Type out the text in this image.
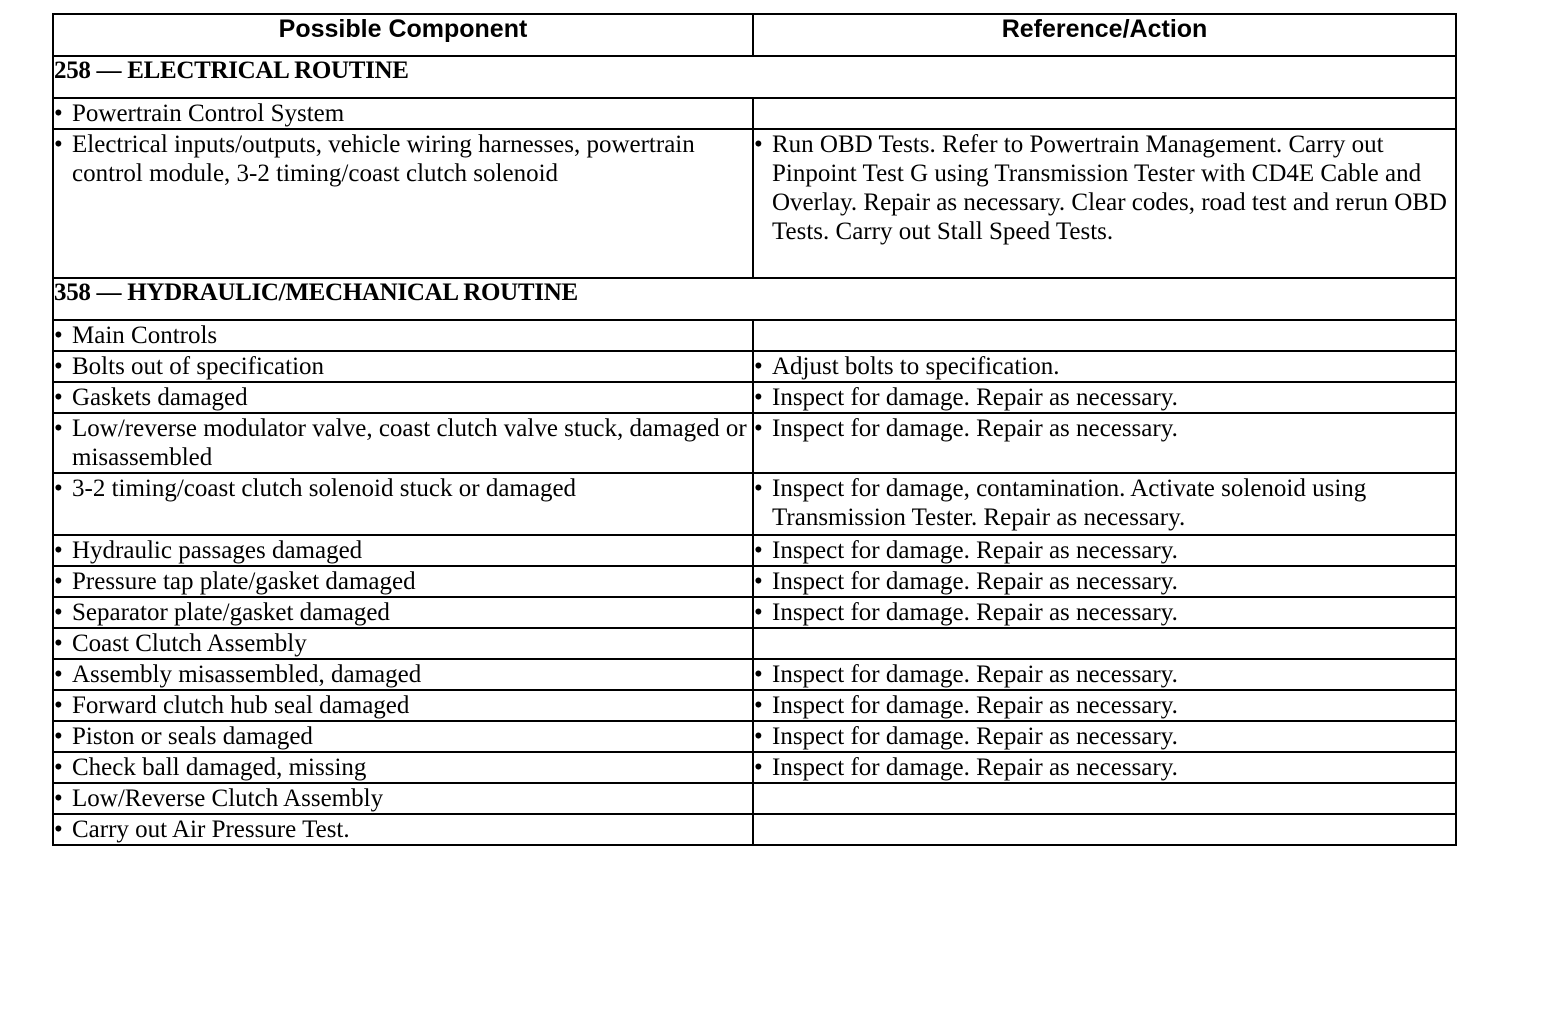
Possible Component	Reference/Action
258 — ELECTRICAL ROUTINE	

• Powertrain Control System	

• Electrical inputs/outputs, vehicle wiring harnesses, powertrain control module, 3-2 timing/coast clutch solenoid	• Run OBD Tests. Refer to Powertrain Management. Carry out Pinpoint Test G using Transmission Tester with CD4E Cable and Overlay. Repair as necessary. Clear codes, road test and rerun OBD Tests. Carry out Stall Speed Tests.

358 — HYDRAULIC/MECHANICAL ROUTINE	

• Main Controls	

• Bolts out of specification	• Adjust bolts to specification.

• Gaskets damaged	• Inspect for damage. Repair as necessary.

• Low/reverse modulator valve, coast clutch valve stuck, damaged or misassembled	• Inspect for damage. Repair as necessary.

• 3-2 timing/coast clutch solenoid stuck or damaged	• Inspect for damage, contamination. Activate solenoid using Transmission Tester. Repair as necessary.

• Hydraulic passages damaged	• Inspect for damage. Repair as necessary.

• Pressure tap plate/gasket damaged	• Inspect for damage. Repair as necessary.

• Separator plate/gasket damaged	• Inspect for damage. Repair as necessary.

• Coast Clutch Assembly	

• Assembly misassembled, damaged	• Inspect for damage. Repair as necessary.

• Forward clutch hub seal damaged	• Inspect for damage. Repair as necessary.

• Piston or seals damaged	• Inspect for damage. Repair as necessary.

• Check ball damaged, missing	• Inspect for damage. Repair as necessary.

• Low/Reverse Clutch Assembly	

• Carry out Air Pressure Test.	
